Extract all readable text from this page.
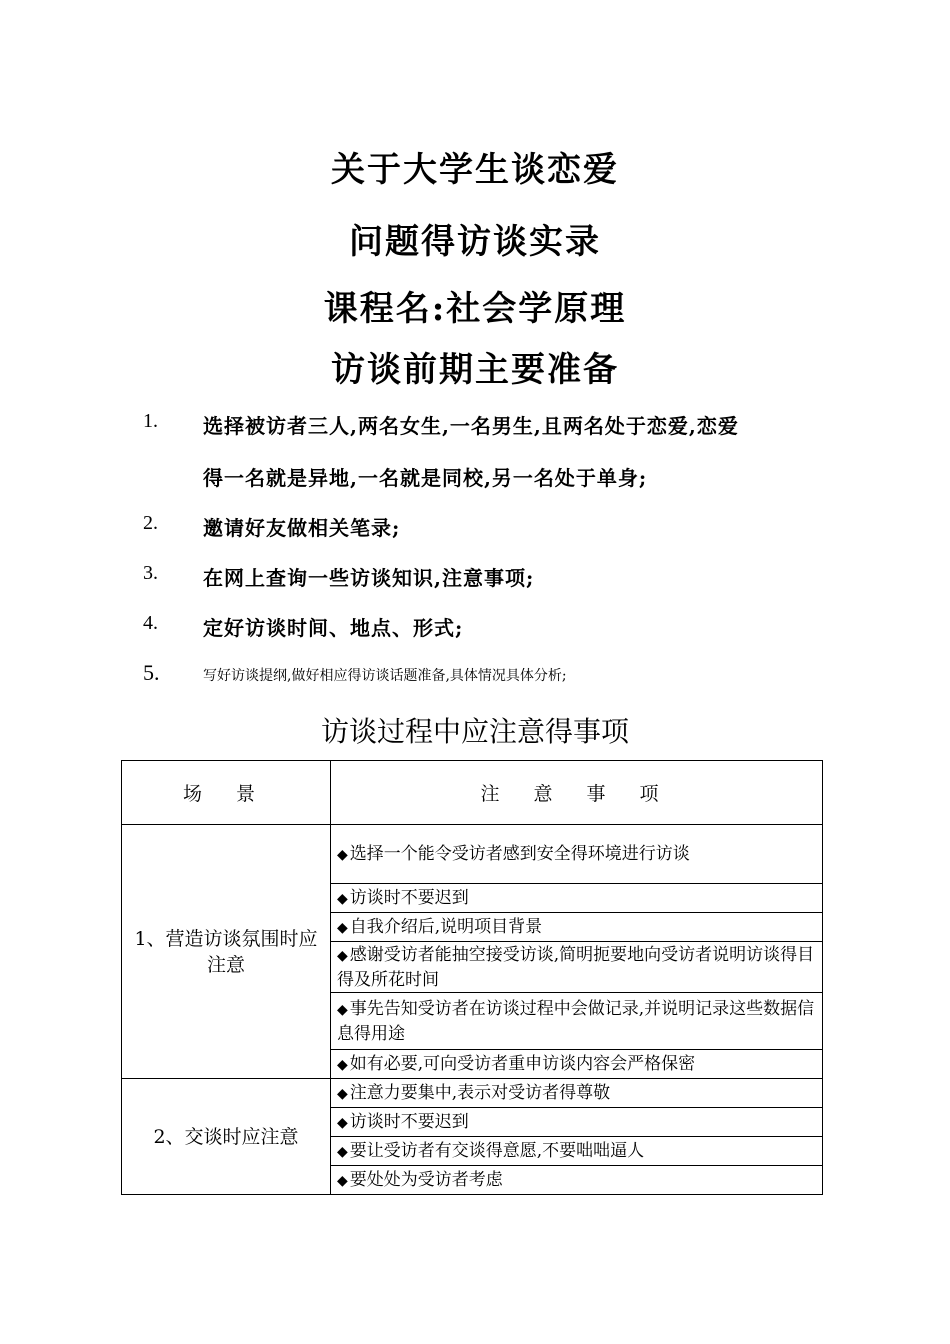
关于大学生谈恋爱
问题得访谈实录
课程名:社会学原理
访谈前期主要准备
1.	选择被访者三人,两名女生,一名男生,且两名处于恋爱,恋爱
得一名就是异地,一名就是同校,另一名处于单身;
2.	邀请好友做相关笔录;
3.	在网上查询一些访谈知识,注意事项;
4.	定好访谈时间、地点、形式;
5.	写好访谈提纲,做好相应得访谈话题准备,具体情况具体分析;
访谈过程中应注意得事项
场 景	注 意 事 项
1、营造访谈氛围时应注意	◆ 选择一个能令受访者感到安全得环境进行访谈
	◆ 访谈时不要迟到
	◆ 自我介绍后,说明项目背景
	◆ 感谢受访者能抽空接受访谈,简明扼要地向受访者说明访谈得目得及所花时间
	◆ 事先告知受访者在访谈过程中会做记录,并说明记录这些数据信息得用途
	◆ 如有必要,可向受访者重申访谈内容会严格保密
2、交谈时应注意	◆ 注意力要集中,表示对受访者得尊敬
	◆ 访谈时不要迟到
	◆ 要让受访者有交谈得意愿,不要咄咄逼人
	◆ 要处处为受访者考虑
